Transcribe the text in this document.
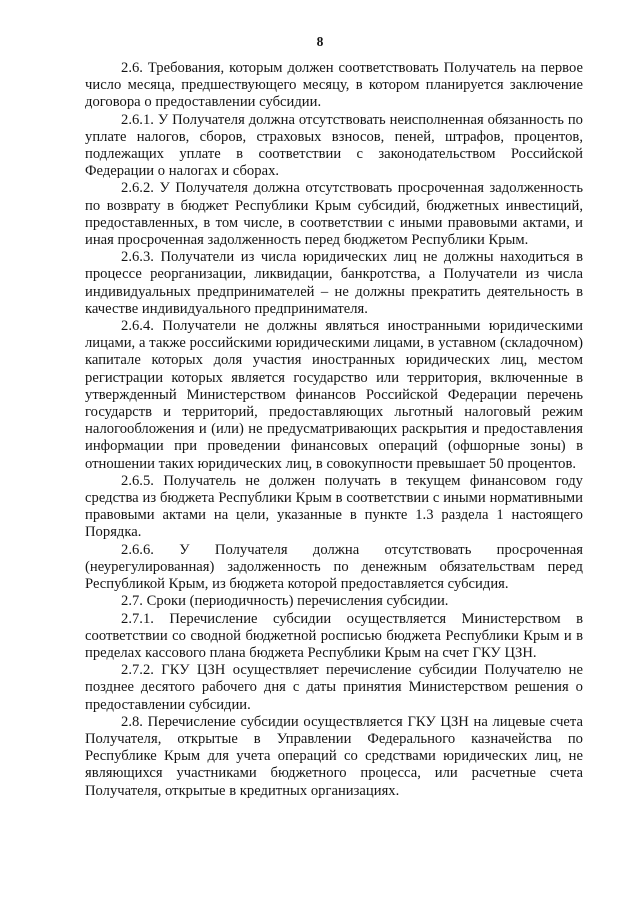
8

2.6. Требования, которым должен соответствовать Получатель на первое число месяца, предшествующего месяцу, в котором планируется заключение договора о предоставлении субсидии.

2.6.1. У Получателя должна отсутствовать неисполненная обязанность по уплате налогов, сборов, страховых взносов, пеней, штрафов, процентов, подлежащих уплате в соответствии с законодательством Российской Федерации о налогах и сборах.

2.6.2. У Получателя должна отсутствовать просроченная задолженность по возврату в бюджет Республики Крым субсидий, бюджетных инвестиций, предоставленных, в том числе, в соответствии с иными правовыми актами, и иная просроченная задолженность перед бюджетом Республики Крым.

2.6.3. Получатели из числа юридических лиц не должны находиться в процессе реорганизации, ликвидации, банкротства, а Получатели из числа индивидуальных предпринимателей – не должны прекратить деятельность в качестве индивидуального предпринимателя.

2.6.4. Получатели не должны являться иностранными юридическими лицами, а также российскими юридическими лицами, в уставном (складочном) капитале которых доля участия иностранных юридических лиц, местом регистрации которых является государство или территория, включенные в утвержденный Министерством финансов Российской Федерации перечень государств и территорий, предоставляющих льготный налоговый режим налогообложения и (или) не предусматривающих раскрытия и предоставления информации при проведении финансовых операций (офшорные зоны) в отношении таких юридических лиц, в совокупности превышает 50 процентов.

2.6.5. Получатель не должен получать в текущем финансовом году средства из бюджета Республики Крым в соответствии с иными нормативными правовыми актами на цели, указанные в пункте 1.3 раздела 1 настоящего Порядка.

2.6.6. У Получателя должна отсутствовать просроченная (неурегулированная) задолженность по денежным обязательствам перед Республикой Крым, из бюджета которой предоставляется субсидия.

2.7. Сроки (периодичность) перечисления субсидии.

2.7.1. Перечисление субсидии осуществляется Министерством в соответствии со сводной бюджетной росписью бюджета Республики Крым и в пределах кассового плана бюджета Республики Крым на счет ГКУ ЦЗН.

2.7.2. ГКУ ЦЗН осуществляет перечисление субсидии Получателю не позднее десятого рабочего дня с даты принятия Министерством решения о предоставлении субсидии.

2.8. Перечисление субсидии осуществляется ГКУ ЦЗН на лицевые счета Получателя, открытые в Управлении Федерального казначейства по Республике Крым для учета операций со средствами юридических лиц, не являющихся участниками бюджетного процесса, или расчетные счета Получателя, открытые в кредитных организациях.
